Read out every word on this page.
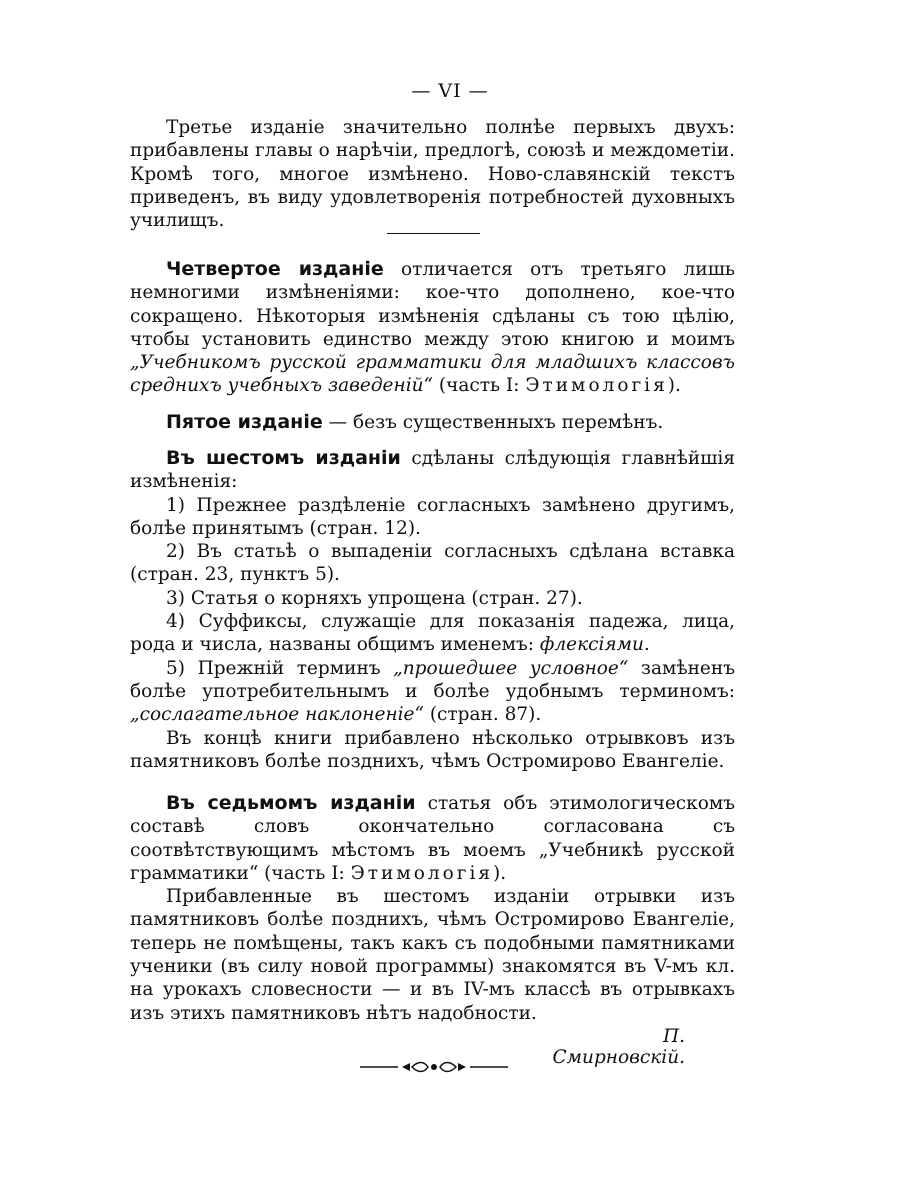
— VI —

Третье изданіе значительно полнѣе первыхъ двухъ: прибавлены главы о нарѣчіи, предлогѣ, союзѣ и междометіи. Кромѣ того, многое измѣнено. Ново-славянскій текстъ приведенъ, въ виду удовлетворенія потребностей духовныхъ училищъ.

Четвертое изданіе отличается отъ третьяго лишь немногими измѣненіями: кое-что дополнено, кое-что сокращено. Нѣкоторыя измѣненія сдѣланы съ тою цѣлію, чтобы установить единство между этою книгою и моимъ „Учебникомъ русской грамматики для младшихъ классовъ среднихъ учебныхъ заведеній“ (часть I: Этимологія).

Пятое изданіе — безъ существенныхъ перемѣнъ.

Въ шестомъ изданіи сдѣланы слѣдующія главнѣйшія измѣненія:

1) Прежнее раздѣленіе согласныхъ замѣнено другимъ, болѣе принятымъ (стран. 12).

2) Въ статьѣ о выпаденіи согласныхъ сдѣлана вставка (стран. 23, пунктъ 5).

3) Статья о корняхъ упрощена (стран. 27).

4) Суффиксы, служащіе для показанія падежа, лица, рода и числа, названы общимъ именемъ: флексіями.

5) Прежній терминъ „прошедшее условное“ замѣненъ болѣе употребительнымъ и болѣе удобнымъ терминомъ: „сослагательное наклоненіе“ (стран. 87).

Въ концѣ книги прибавлено нѣсколько отрывковъ изъ памятниковъ болѣе позднихъ, чѣмъ Остромирово Евангеліе.

Въ седьмомъ изданіи статья объ этимологическомъ составѣ словъ окончательно согласована съ соотвѣтствующимъ мѣстомъ въ моемъ „Учебникѣ русской грамматики“ (часть I: Этимологія).

Прибавленные въ шестомъ изданіи отрывки изъ памятниковъ болѣе позднихъ, чѣмъ Остромирово Евангеліе, теперь не помѣщены, такъ какъ съ подобными памятниками ученики (въ силу новой программы) знакомятся въ V-мъ кл. на урокахъ словесности — и въ IV-мъ классѣ въ отрывкахъ изъ этихъ памятниковъ нѣтъ надобности.

П. Смирновскій.
